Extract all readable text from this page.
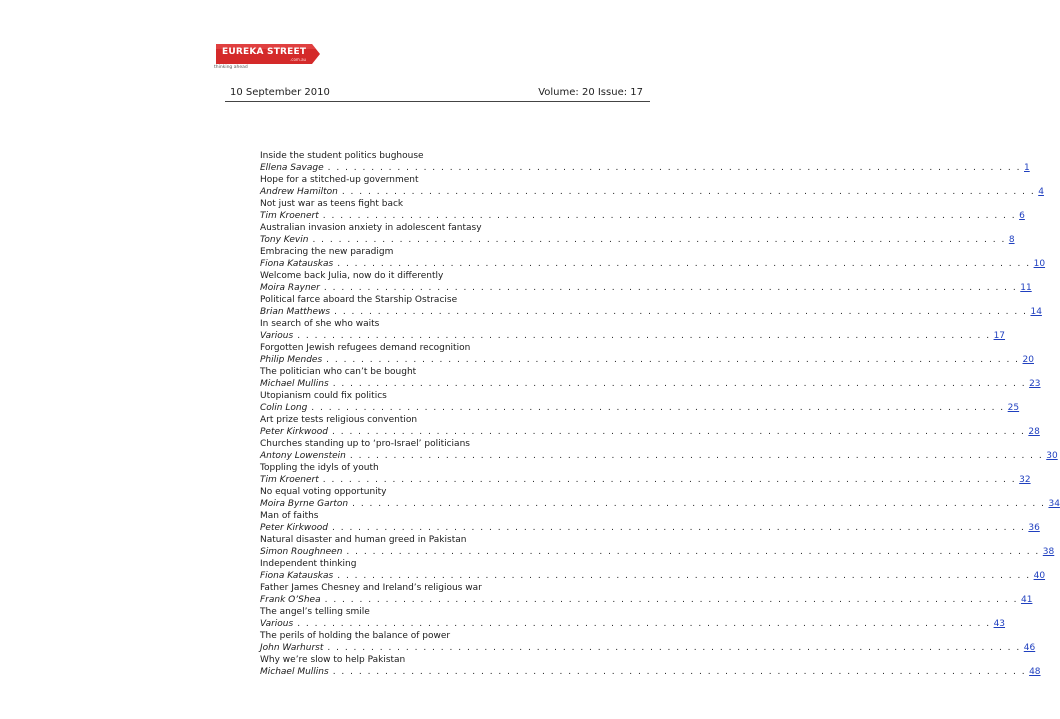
EUREKA STREET
.com.au
thinking ahead
10 September 2010	Volume: 20 Issue: 17
Inside the student politics bughouse
Ellena Savage . . . . . . . . . . . . . . . . . . . . . . . . . . . . . . . . . . . . . . . . . . . . . . . . . . . . . . . . . . . . . . . . . . . . . . . . . . . . . . . . 1
Hope for a stitched-up government
Andrew Hamilton . . . . . . . . . . . . . . . . . . . . . . . . . . . . . . . . . . . . . . . . . . . . . . . . . . . . . . . . . . . . . . . . . . . . . . . . . . . . . . . . 4
Not just war as teens fight back
Tim Kroenert . . . . . . . . . . . . . . . . . . . . . . . . . . . . . . . . . . . . . . . . . . . . . . . . . . . . . . . . . . . . . . . . . . . . . . . . . . . . . . . . 6
Australian invasion anxiety in adolescent fantasy
Tony Kevin . . . . . . . . . . . . . . . . . . . . . . . . . . . . . . . . . . . . . . . . . . . . . . . . . . . . . . . . . . . . . . . . . . . . . . . . . . . . . . . . 8
Embracing the new paradigm
Fiona Katauskas . . . . . . . . . . . . . . . . . . . . . . . . . . . . . . . . . . . . . . . . . . . . . . . . . . . . . . . . . . . . . . . . . . . . . . . . . . . . . . . . 10
Welcome back Julia, now do it differently
Moira Rayner . . . . . . . . . . . . . . . . . . . . . . . . . . . . . . . . . . . . . . . . . . . . . . . . . . . . . . . . . . . . . . . . . . . . . . . . . . . . . . . . 11
Political farce aboard the Starship Ostracise
Brian Matthews . . . . . . . . . . . . . . . . . . . . . . . . . . . . . . . . . . . . . . . . . . . . . . . . . . . . . . . . . . . . . . . . . . . . . . . . . . . . . . . . 14
In search of she who waits
Various . . . . . . . . . . . . . . . . . . . . . . . . . . . . . . . . . . . . . . . . . . . . . . . . . . . . . . . . . . . . . . . . . . . . . . . . . . . . . . . . 17
Forgotten Jewish refugees demand recognition
Philip Mendes . . . . . . . . . . . . . . . . . . . . . . . . . . . . . . . . . . . . . . . . . . . . . . . . . . . . . . . . . . . . . . . . . . . . . . . . . . . . . . . . 20
The politician who can’t be bought
Michael Mullins . . . . . . . . . . . . . . . . . . . . . . . . . . . . . . . . . . . . . . . . . . . . . . . . . . . . . . . . . . . . . . . . . . . . . . . . . . . . . . . . 23
Utopianism could fix politics
Colin Long . . . . . . . . . . . . . . . . . . . . . . . . . . . . . . . . . . . . . . . . . . . . . . . . . . . . . . . . . . . . . . . . . . . . . . . . . . . . . . . . 25
Art prize tests religious convention
Peter Kirkwood . . . . . . . . . . . . . . . . . . . . . . . . . . . . . . . . . . . . . . . . . . . . . . . . . . . . . . . . . . . . . . . . . . . . . . . . . . . . . . . . 28
Churches standing up to ‘pro-Israel’ politicians
Antony Lowenstein . . . . . . . . . . . . . . . . . . . . . . . . . . . . . . . . . . . . . . . . . . . . . . . . . . . . . . . . . . . . . . . . . . . . . . . . . . . . . . . . 30
Toppling the idyls of youth
Tim Kroenert . . . . . . . . . . . . . . . . . . . . . . . . . . . . . . . . . . . . . . . . . . . . . . . . . . . . . . . . . . . . . . . . . . . . . . . . . . . . . . . . 32
No equal voting opportunity
Moira Byrne Garton . . . . . . . . . . . . . . . . . . . . . . . . . . . . . . . . . . . . . . . . . . . . . . . . . . . . . . . . . . . . . . . . . . . . . . . . . . . . . . . . 34
Man of faiths
Peter Kirkwood . . . . . . . . . . . . . . . . . . . . . . . . . . . . . . . . . . . . . . . . . . . . . . . . . . . . . . . . . . . . . . . . . . . . . . . . . . . . . . . . 36
Natural disaster and human greed in Pakistan
Simon Roughneen . . . . . . . . . . . . . . . . . . . . . . . . . . . . . . . . . . . . . . . . . . . . . . . . . . . . . . . . . . . . . . . . . . . . . . . . . . . . . . . . 38
Independent thinking
Fiona Katauskas . . . . . . . . . . . . . . . . . . . . . . . . . . . . . . . . . . . . . . . . . . . . . . . . . . . . . . . . . . . . . . . . . . . . . . . . . . . . . . . . 40
Father James Chesney and Ireland’s religious war
Frank O’Shea . . . . . . . . . . . . . . . . . . . . . . . . . . . . . . . . . . . . . . . . . . . . . . . . . . . . . . . . . . . . . . . . . . . . . . . . . . . . . . . . 41
The angel’s telling smile
Various . . . . . . . . . . . . . . . . . . . . . . . . . . . . . . . . . . . . . . . . . . . . . . . . . . . . . . . . . . . . . . . . . . . . . . . . . . . . . . . . 43
The perils of holding the balance of power
John Warhurst . . . . . . . . . . . . . . . . . . . . . . . . . . . . . . . . . . . . . . . . . . . . . . . . . . . . . . . . . . . . . . . . . . . . . . . . . . . . . . . . 46
Why we’re slow to help Pakistan
Michael Mullins . . . . . . . . . . . . . . . . . . . . . . . . . . . . . . . . . . . . . . . . . . . . . . . . . . . . . . . . . . . . . . . . . . . . . . . . . . . . . . . . 48
